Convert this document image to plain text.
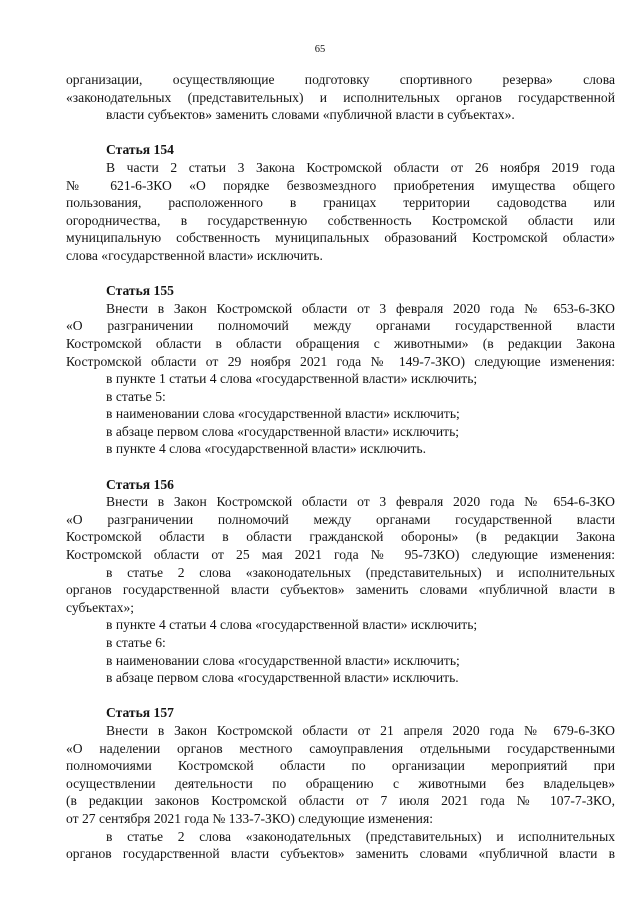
65
организации, осуществляющие подготовку спортивного резерва» слова
«законодательных (представительных) и исполнительных органов государственной
власти субъектов» заменить словами «публичной власти в субъектах».
Статья 154
В части 2 статьи 3 Закона Костромской области от 26 ноября 2019 года
№ 621-6-ЗКО «О порядке безвозмездного приобретения имущества общего
пользования, расположенного в границах территории садоводства или
огородничества, в государственную собственность Костромской области или
муниципальную собственность муниципальных образований Костромской области»
слова «государственной власти» исключить.
Статья 155
Внести в Закон Костромской области от 3 февраля 2020 года № 653-6-ЗКО
«О разграничении полномочий между органами государственной власти
Костромской области в области обращения с животными» (в редакции Закона
Костромской области от 29 ноября 2021 года № 149-7-ЗКО) следующие изменения:
в пункте 1 статьи 4 слова «государственной власти» исключить;
в статье 5:
в наименовании слова «государственной власти» исключить;
в абзаце первом слова «государственной власти» исключить;
в пункте 4 слова «государственной власти» исключить.
Статья 156
Внести в Закон Костромской области от 3 февраля 2020 года № 654-6-ЗКО
«О разграничении полномочий между органами государственной власти
Костромской области в области гражданской обороны» (в редакции Закона
Костромской области от 25 мая 2021 года № 95-7ЗКО) следующие изменения:
в статье 2 слова «законодательных (представительных) и исполнительных
органов государственной власти субъектов» заменить словами «публичной власти в
субъектах»;
в пункте 4 статьи 4 слова «государственной власти» исключить;
в статье 6:
в наименовании слова «государственной власти» исключить;
в абзаце первом слова «государственной власти» исключить.
Статья 157
Внести в Закон Костромской области от 21 апреля 2020 года № 679-6-ЗКО
«О наделении органов местного самоуправления отдельными государственными
полномочиями Костромской области по организации мероприятий при
осуществлении деятельности по обращению с животными без владельцев»
(в редакции законов Костромской области от 7 июля 2021 года № 107-7-ЗКО,
от 27 сентября 2021 года № 133-7-ЗКО) следующие изменения:
в статье 2 слова «законодательных (представительных) и исполнительных
органов государственной власти субъектов» заменить словами «публичной власти в
